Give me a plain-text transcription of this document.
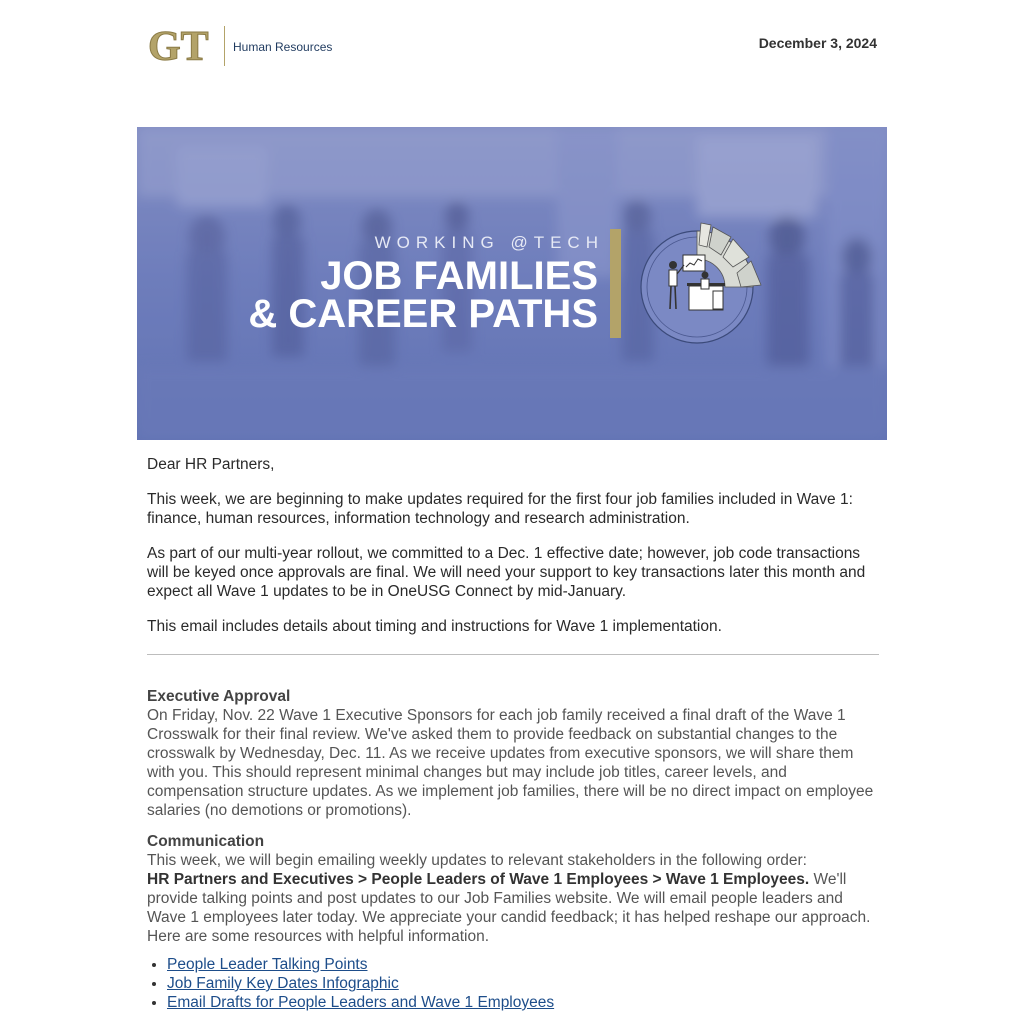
GT Human Resources	December 3, 2024
WORKING @TECH
JOB FAMILIES
& CAREER PATHS

Dear HR Partners,

This week, we are beginning to make updates required for the first four job families included in Wave 1: finance, human resources, information technology and research administration.

As part of our multi-year rollout, we committed to a Dec. 1 effective date; however, job code transactions will be keyed once approvals are final. We will need your support to key transactions later this month and expect all Wave 1 updates to be in OneUSG Connect by mid-January.

This email includes details about timing and instructions for Wave 1 implementation.

Executive Approval
On Friday, Nov. 22 Wave 1 Executive Sponsors for each job family received a final draft of the Wave 1 Crosswalk for their final review. We've asked them to provide feedback on substantial changes to the crosswalk by Wednesday, Dec. 11. As we receive updates from executive sponsors, we will share them with you. This should represent minimal changes but may include job titles, career levels, and compensation structure updates. As we implement job families, there will be no direct impact on employee salaries (no demotions or promotions).
Communication
This week, we will begin emailing weekly updates to relevant stakeholders in the following order:
HR Partners and Executives > People Leaders of Wave 1 Employees > Wave 1 Employees. We'll provide talking points and post updates to our Job Families website. We will email people leaders and Wave 1 employees later today. We appreciate your candid feedback; it has helped reshape our approach. Here are some resources with helpful information.
• People Leader Talking Points
• Job Family Key Dates Infographic
• Email Drafts for People Leaders and Wave 1 Employees
